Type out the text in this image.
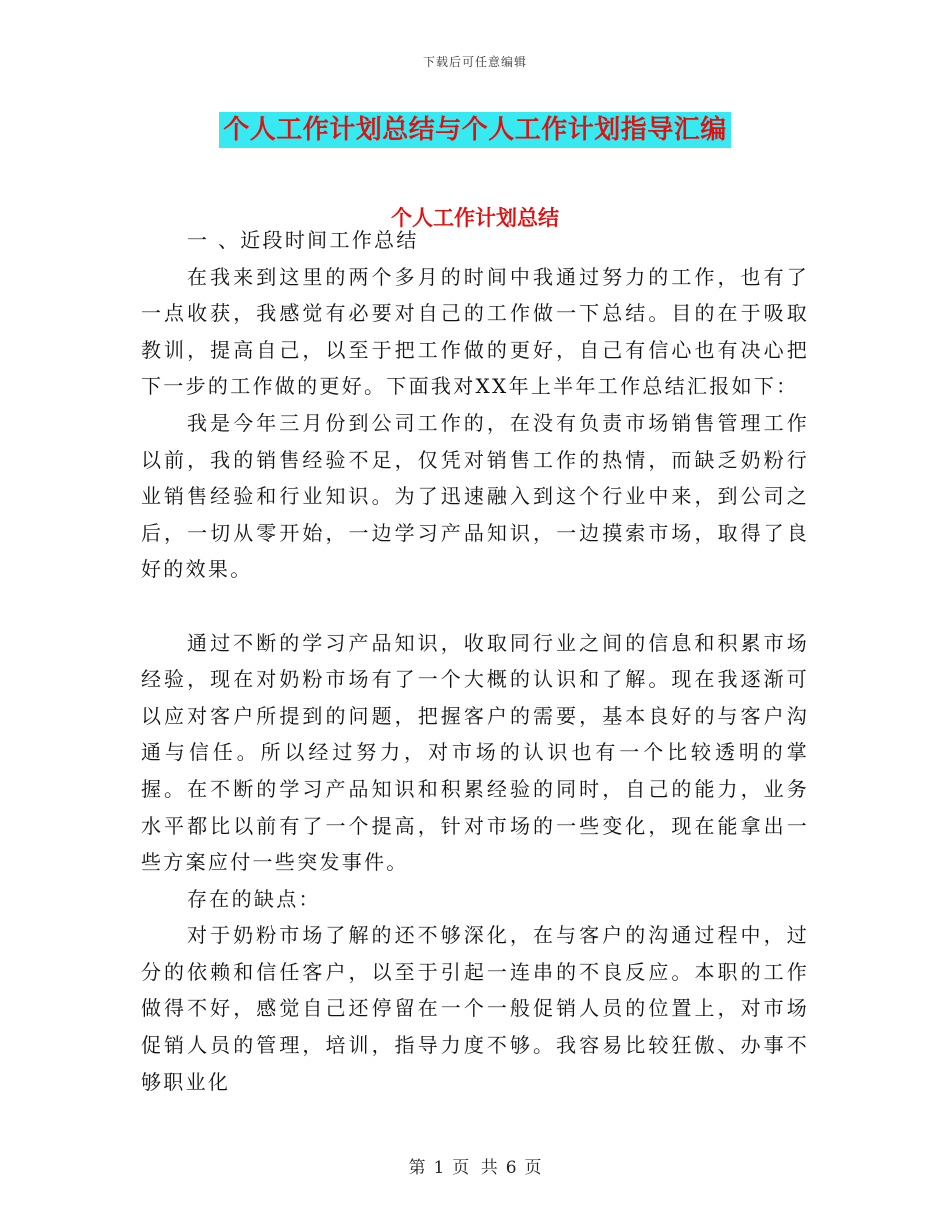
下载后可任意编辑
个人工作计划总结与个人工作计划指导汇编
个人工作计划总结

一 、近段时间工作总结

在我来到这里的两个多月的时间中我通过努力的工作，也有了一点收获，我感觉有必要对自己的工作做一下总结。目的在于吸取教训，提高自己，以至于把工作做的更好，自己有信心也有决心把下一步的工作做的更好。下面我对XX年上半年工作总结汇报如下：

我是今年三月份到公司工作的，在没有负责市场销售管理工作以前，我的销售经验不足，仅凭对销售工作的热情，而缺乏奶粉行业销售经验和行业知识。为了迅速融入到这个行业中来，到公司之后，一切从零开始，一边学习产品知识，一边摸索市场，取得了良好的效果。

通过不断的学习产品知识，收取同行业之间的信息和积累市场经验，现在对奶粉市场有了一个大概的认识和了解。现在我逐渐可以应对客户所提到的问题，把握客户的需要，基本良好的与客户沟通与信任。所以经过努力，对市场的认识也有一个比较透明的掌握。在不断的学习产品知识和积累经验的同时，自己的能力，业务水平都比以前有了一个提高，针对市场的一些变化，现在能拿出一些方案应付一些突发事件。

存在的缺点：

对于奶粉市场了解的还不够深化，在与客户的沟通过程中，过分的依赖和信任客户，以至于引起一连串的不良反应。本职的工作做得不好，感觉自己还停留在一个一般促销人员的位置上，对市场促销人员的管理，培训，指导力度不够。我容易比较狂傲、办事不够职业化

第 1 页 共 6 页
